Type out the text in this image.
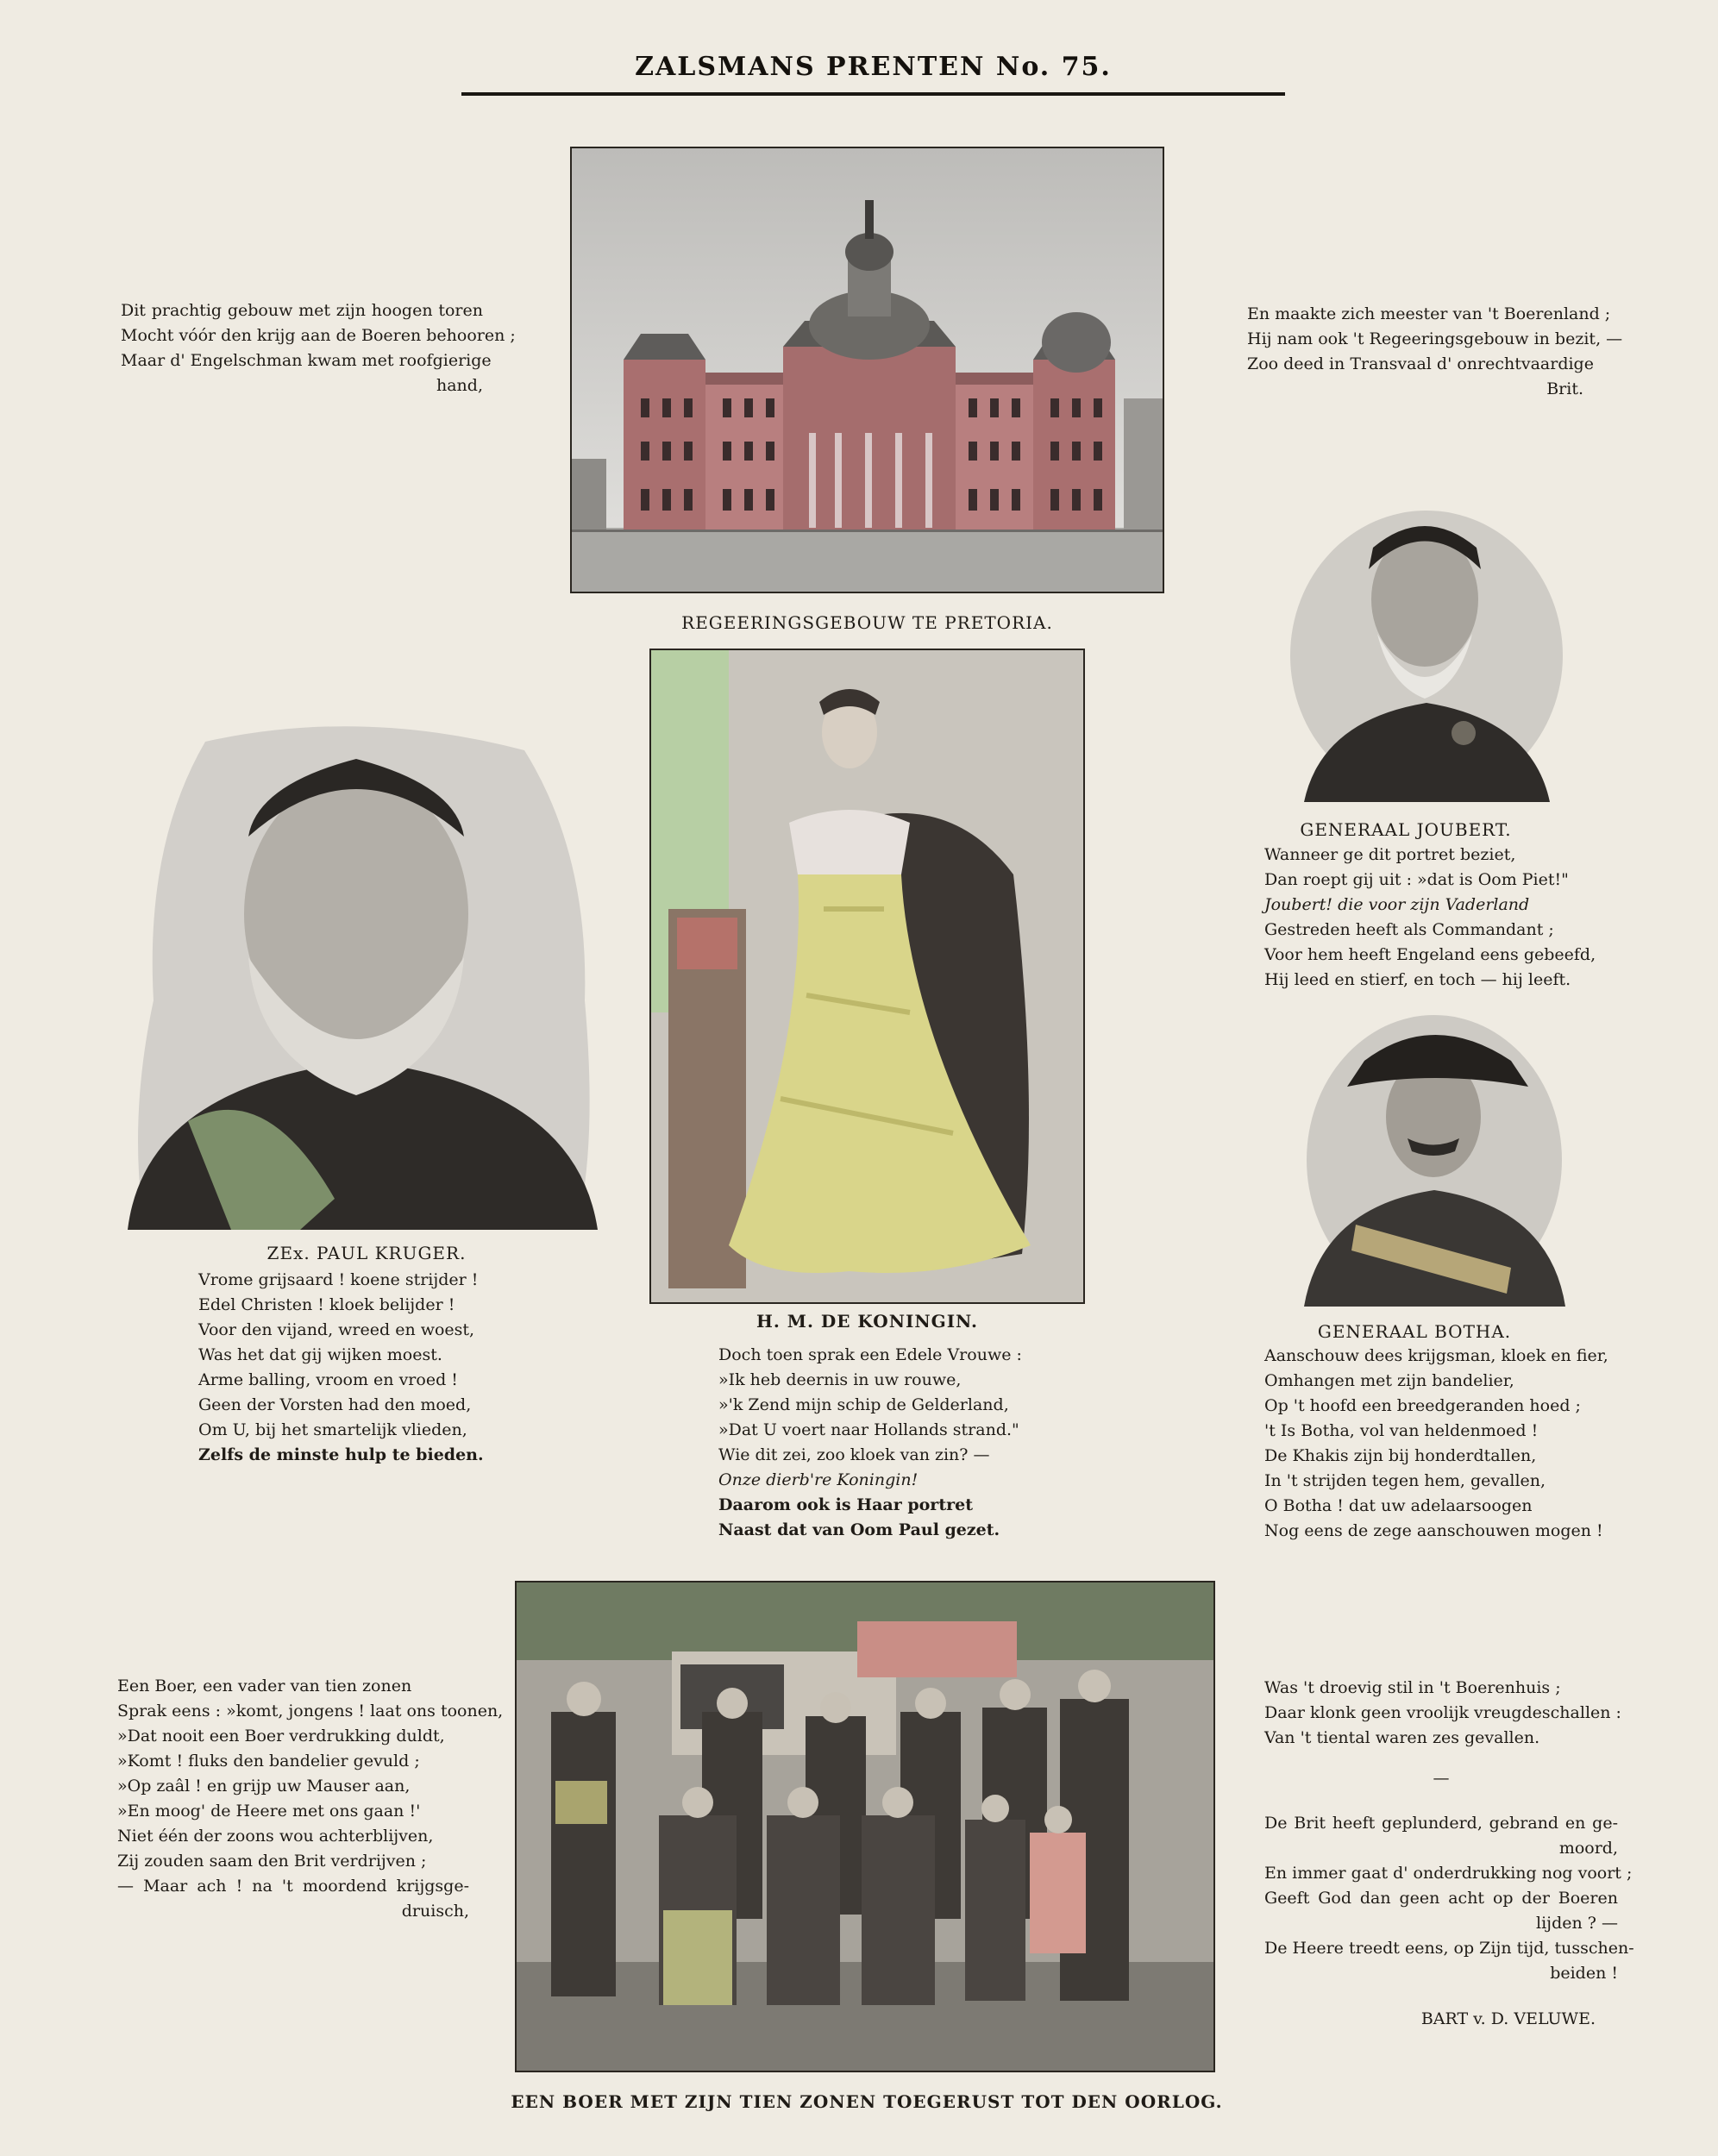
ZALSMANS PRENTEN No. 75.
Dit prachtig gebouw met zijn hoogen toren
Mocht vóór den krijg aan de Boeren behooren ;
Maar d' Engelschman kwam met roofgierige
hand,
REGEERINGSGEBOUW TE PRETORIA.
En maakte zich meester van 't Boerenland ;
Hij nam ook 't Regeeringsgebouw in bezit, —
Zoo deed in Transvaal d' onrechtvaardige
Brit.
GENERAAL JOUBERT.
Wanneer ge dit portret beziet,
Dan roept gij uit : »dat is Oom Piet!"
Joubert! die voor zijn Vaderland
Gestreden heeft als Commandant ;
Voor hem heeft Engeland eens gebeefd,
Hij leed en stierf, en toch — hij leeft.
ZEx. PAUL KRUGER.
Vrome grijsaard ! koene strijder !
Edel Christen ! kloek belijder !
Voor den vijand, wreed en woest,
Was het dat gij wijken moest.
Arme balling, vroom en vroed !
Geen der Vorsten had den moed,
Om U, bij het smartelijk vlieden,
Zelfs de minste hulp te bieden.
H. M. DE KONINGIN.
Doch toen sprak een Edele Vrouwe :
»Ik heb deernis in uw rouwe,
»'k Zend mijn schip de Gelderland,
»Dat U voert naar Hollands strand."
Wie dit zei, zoo kloek van zin? —
Onze dierb're Koningin!
Daarom ook is Haar portret
Naast dat van Oom Paul gezet.
GENERAAL BOTHA.
Aanschouw dees krijgsman, kloek en fier,
Omhangen met zijn bandelier,
Op 't hoofd een breedgeranden hoed ;
't Is Botha, vol van heldenmoed !
De Khakis zijn bij honderdtallen,
In 't strijden tegen hem, gevallen,
O Botha ! dat uw adelaarsoogen
Nog eens de zege aanschouwen mogen !
Een Boer, een vader van tien zonen
Sprak eens : »komt, jongens ! laat ons toonen,
»Dat nooit een Boer verdrukking duldt,
»Komt ! fluks den bandelier gevuld ;
»Op zaâl ! en grijp uw Mauser aan,
»En moog' de Heere met ons gaan !'
Niet één der zoons wou achterblijven,
Zij zouden saam den Brit verdrijven ;
— Maar ach ! na 't moordend krijgsge-
druisch,
EEN BOER MET ZIJN TIEN ZONEN TOEGERUST TOT DEN OORLOG.
Was 't droevig stil in 't Boerenhuis ;
Daar klonk geen vroolijk vreugdeschallen :
Van 't tiental waren zes gevallen.
—
De Brit heeft geplunderd, gebrand en ge-
moord,
En immer gaat d' onderdrukking nog voort ;
Geeft God dan geen acht op der Boeren
lijden ? —
De Heere treedt eens, op Zijn tijd, tusschen-
beiden !
BART v. D. VELUWE.
